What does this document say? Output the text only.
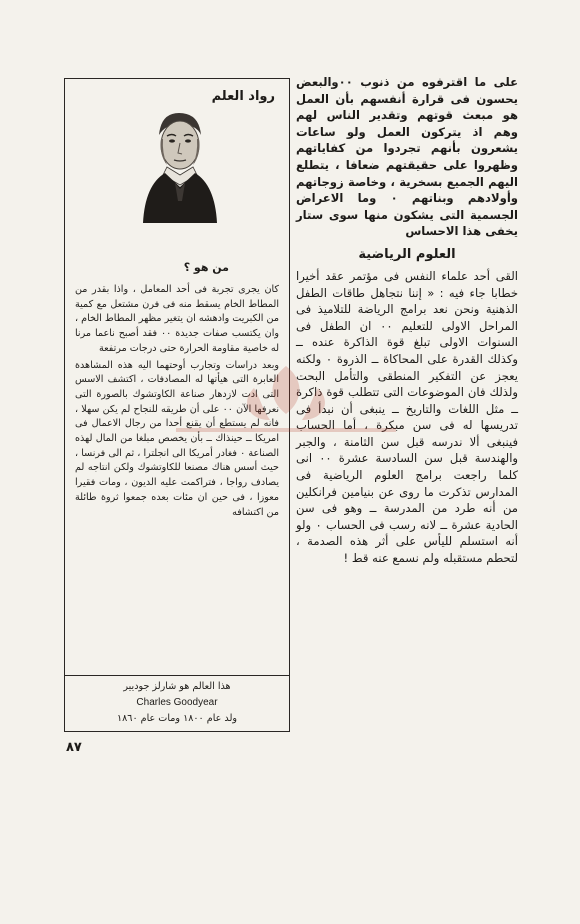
على ما اقترفوه من ذنوب ٠٠والبعض يحسون فى قرارة أنفسهم بأن العمل هو مبعث قوتهم وتقدير الناس لهم وهم اذ يتركون العمل ولو ساعات يشعرون بأنهم تجردوا من كفاياتهم وظهروا على حقيقتهم ضعافا ، يتطلع اليهم الجميع بسخرية ، وخاصة زوجاتهم وأولادهم وبناتهم ٠ وما الاعراض الجسمية التى يشكون منها سوى ستار يخفى هذا الاحساس

العلوم الرياضية

القى أحد علماء النفس فى مؤتمر عقد أخيرا خطابا جاء فيه : « إننا نتجاهل طاقات الطفل الذهنية ونحن نعد برامج الرياضة للتلاميذ فى المراحل الاولى للتعليم ٠٠ ان الطفل فى السنوات الاولى تبلغ قوة الذاكرة عنده ــ وكذلك القدرة على المحاكاة ــ الذروة ٠ ولكنه يعجز عن التفكير المنطقى والتأمل البحت ولذلك فان الموضوعات التى تتطلب قوة ذاكرة ــ مثل اللغات والتاريخ ــ ينبغى أن نبدأ فى تدريسها له فى سن مبكرة ، أما الحساب فينبغى ألا ندرسه قبل سن الثامنة ، والجبر والهندسة قبل سن السادسة عشرة ٠٠ انى كلما راجعت برامج العلوم الرياضية فى المدارس تذكرت ما روى عن بنيامين فرانكلين من أنه طرد من المدرسة ــ وهو فى سن الحادية عشرة ــ لانه رسب فى الحساب ٠ ولو أنه استسلم لليأس على أثر هذه الصدمة ، لتحطم مستقبله ولم نسمع عنه قط !

رواد العلم
من هو ؟

كان يجرى تجربة فى أحد المعامل ، واذا بقدر من المطاط الخام يسقط منه فى فرن مشتعل مع كمية من الكبريت وادهشه ان يتغير مظهر المطاط الخام ، وان يكتسب صفات جديدة ٠٠ فقد أصبح ناعما مرنا له خاصية مقاومة الحرارة حتى درجات مرتفعة

وبعد دراسات وتجارب أوحتهما اليه هذه المشاهدة العابرة التى هيأتها له المصادفات ، اكتشف الاسس التى ادت لازدهار صناعة الكاوتشوك بالصورة التى نعرفها الآن ٠٠ على أن طريقه للنجاح لم يكن سهلا ، فانه لم يستطع أن يقنع أحدا من رجال الاعمال فى امريكا ــ حينذاك ــ بأن يخصص مبلغا من المال لهذه الصناعة ٠ فغادر أمريكا الى انجلترا ، ثم الى فرنسا ، حيث أسس هناك مصنعا للكاوتشوك ولكن انتاجه لم يصادف رواجا ، فتراكمت عليه الديون ، ومات فقيرا معوزا ، فى حين ان مئات بعده جمعوا ثروة طائلة من اكتشافه

هذا العالم هو شارلز جوديير
Charles Goodyear
ولد عام ١٨٠٠ ومات عام ١٨٦٠
٨٧
